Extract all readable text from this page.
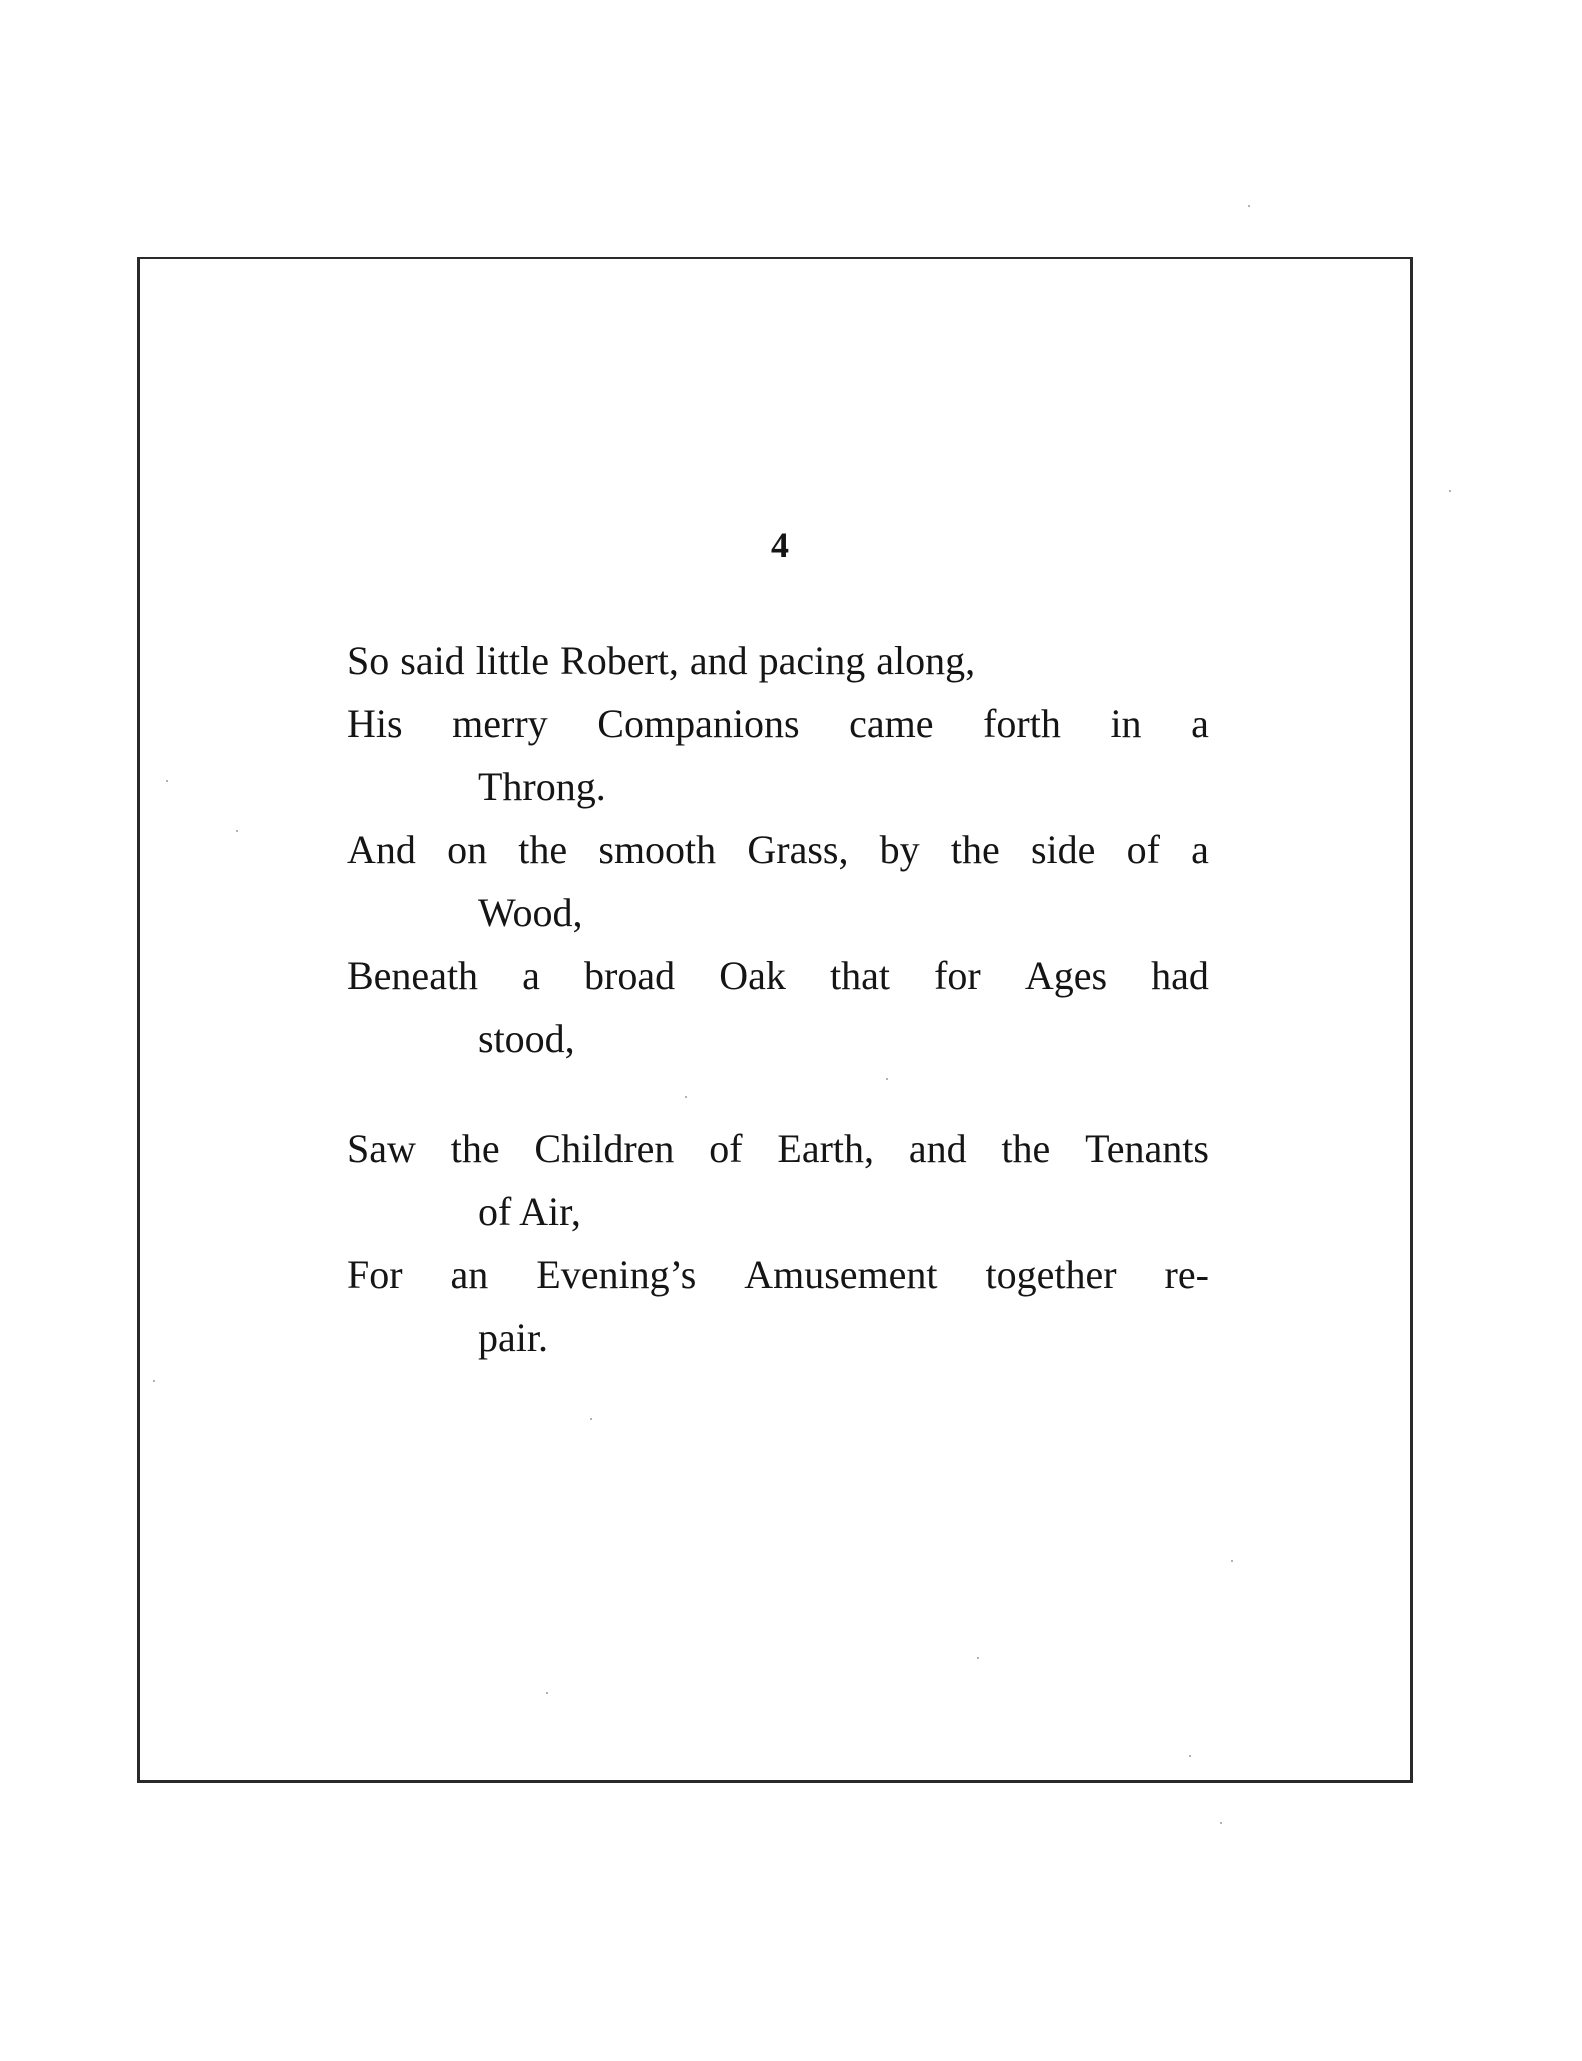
4
So said little Robert, and pacing along,
His merry Companions came forth in a
Throng.
And on the smooth Grass, by the side of a
Wood,
Beneath a broad Oak that for Ages had
stood,
Saw the Children of Earth, and the Tenants
of Air,
For an Evening’s Amusement together re-
pair.
